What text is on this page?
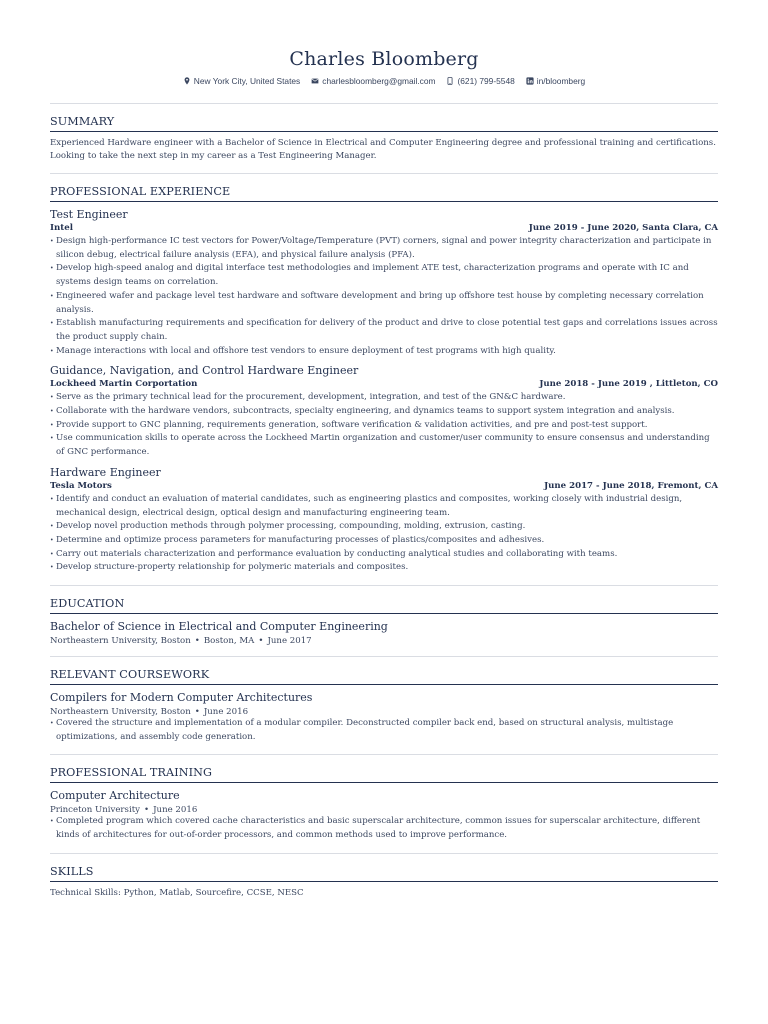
Charles Bloomberg
New York City, United States	charlesbloomberg@gmail.com	(621) 799-5548	in/bloomberg
SUMMARY

Experienced Hardware engineer with a Bachelor of Science in Electrical and Computer Engineering degree and professional training and certifications. Looking to take the next step in my career as a Test Engineering Manager.

PROFESSIONAL EXPERIENCE
Test Engineer
Intel	June 2019 - June 2020, Santa Clara, CA
• Design high-performance IC test vectors for Power/Voltage/Temperature (PVT) corners, signal and power integrity characterization and participate in silicon debug, electrical failure analysis (EFA), and physical failure analysis (PFA).
• Develop high-speed analog and digital interface test methodologies and implement ATE test, characterization programs and operate with IC and systems design teams on correlation.
• Engineered wafer and package level test hardware and software development and bring up offshore test house by completing necessary correlation analysis.
• Establish manufacturing requirements and specification for delivery of the product and drive to close potential test gaps and correlations issues across the product supply chain.
• Manage interactions with local and offshore test vendors to ensure deployment of test programs with high quality.
Guidance, Navigation, and Control Hardware Engineer
Lockheed Martin Corportation	June 2018 - June 2019 , Littleton, CO
• Serve as the primary technical lead for the procurement, development, integration, and test of the GN&C hardware.
• Collaborate with the hardware vendors, subcontracts, specialty engineering, and dynamics teams to support system integration and analysis.
• Provide support to GNC planning, requirements generation, software verification & validation activities, and pre and post-test support.
• Use communication skills to operate across the Lockheed Martin organization and customer/user community to ensure consensus and understanding of GNC performance.
Hardware Engineer
Tesla Motors	June 2017 - June 2018, Fremont, CA
• Identify and conduct an evaluation of material candidates, such as engineering plastics and composites, working closely with industrial design, mechanical design, electrical design, optical design and manufacturing engineering team.
• Develop novel production methods through polymer processing, compounding, molding, extrusion, casting.
• Determine and optimize process parameters for manufacturing processes of plastics/composites and adhesives.
• Carry out materials characterization and performance evaluation by conducting analytical studies and collaborating with teams.
• Develop structure-property relationship for polymeric materials and composites.
EDUCATION
Bachelor of Science in Electrical and Computer Engineering
Northeastern University, Boston • Boston, MA • June 2017
RELEVANT COURSEWORK
Compilers for Modern Computer Architectures
Northeastern University, Boston • June 2016
• Covered the structure and implementation of a modular compiler. Deconstructed compiler back end, based on structural analysis, multistage optimizations, and assembly code generation.
PROFESSIONAL TRAINING
Computer Architecture
Princeton University • June 2016
• Completed program which covered cache characteristics and basic superscalar architecture, common issues for superscalar architecture, different kinds of architectures for out-of-order processors, and common methods used to improve performance.
SKILLS
Technical Skills: Python, Matlab, Sourcefire, CCSE, NESC
